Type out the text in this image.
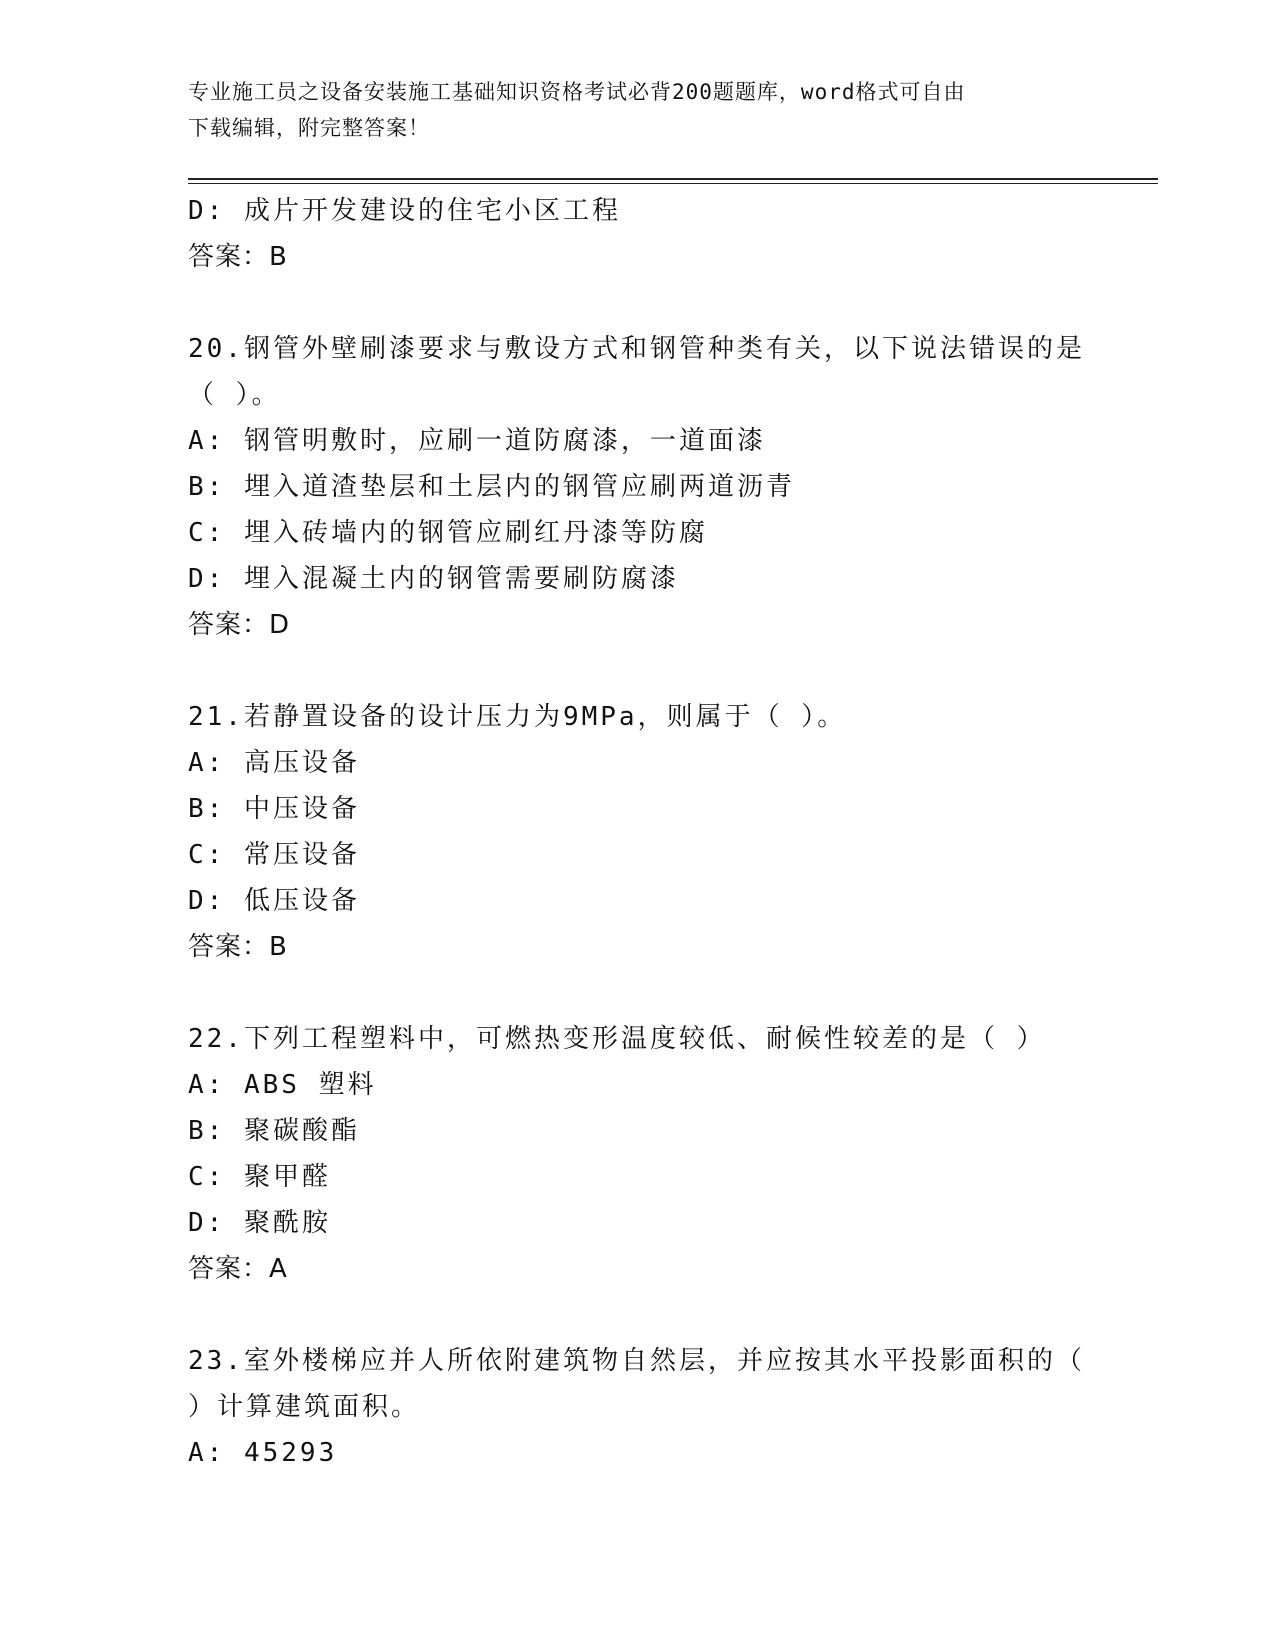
专业施工员之设备安装施工基础知识资格考试必背200题题库，word格式可自由
下载编辑，附完整答案！
D: 成片开发建设的住宅小区工程
答案：B
20.钢管外壁刷漆要求与敷设方式和钢管种类有关，以下说法错误的是
（ ）。
A: 钢管明敷时，应刷一道防腐漆，一道面漆
B: 埋入道渣垫层和土层内的钢管应刷两道沥青
C: 埋入砖墙内的钢管应刷红丹漆等防腐
D: 埋入混凝土内的钢管需要刷防腐漆
答案：D
21.若静置设备的设计压力为9MPa，则属于（ ）。
A: 高压设备
B: 中压设备
C: 常压设备
D: 低压设备
答案：B
22.下列工程塑料中，可燃热变形温度较低、耐候性较差的是（ ）
A: ABS 塑料
B: 聚碳酸酯
C: 聚甲醛
D: 聚酰胺
答案：A
23.室外楼梯应并人所依附建筑物自然层，并应按其水平投影面积的（
）计算建筑面积。
A: 45293
